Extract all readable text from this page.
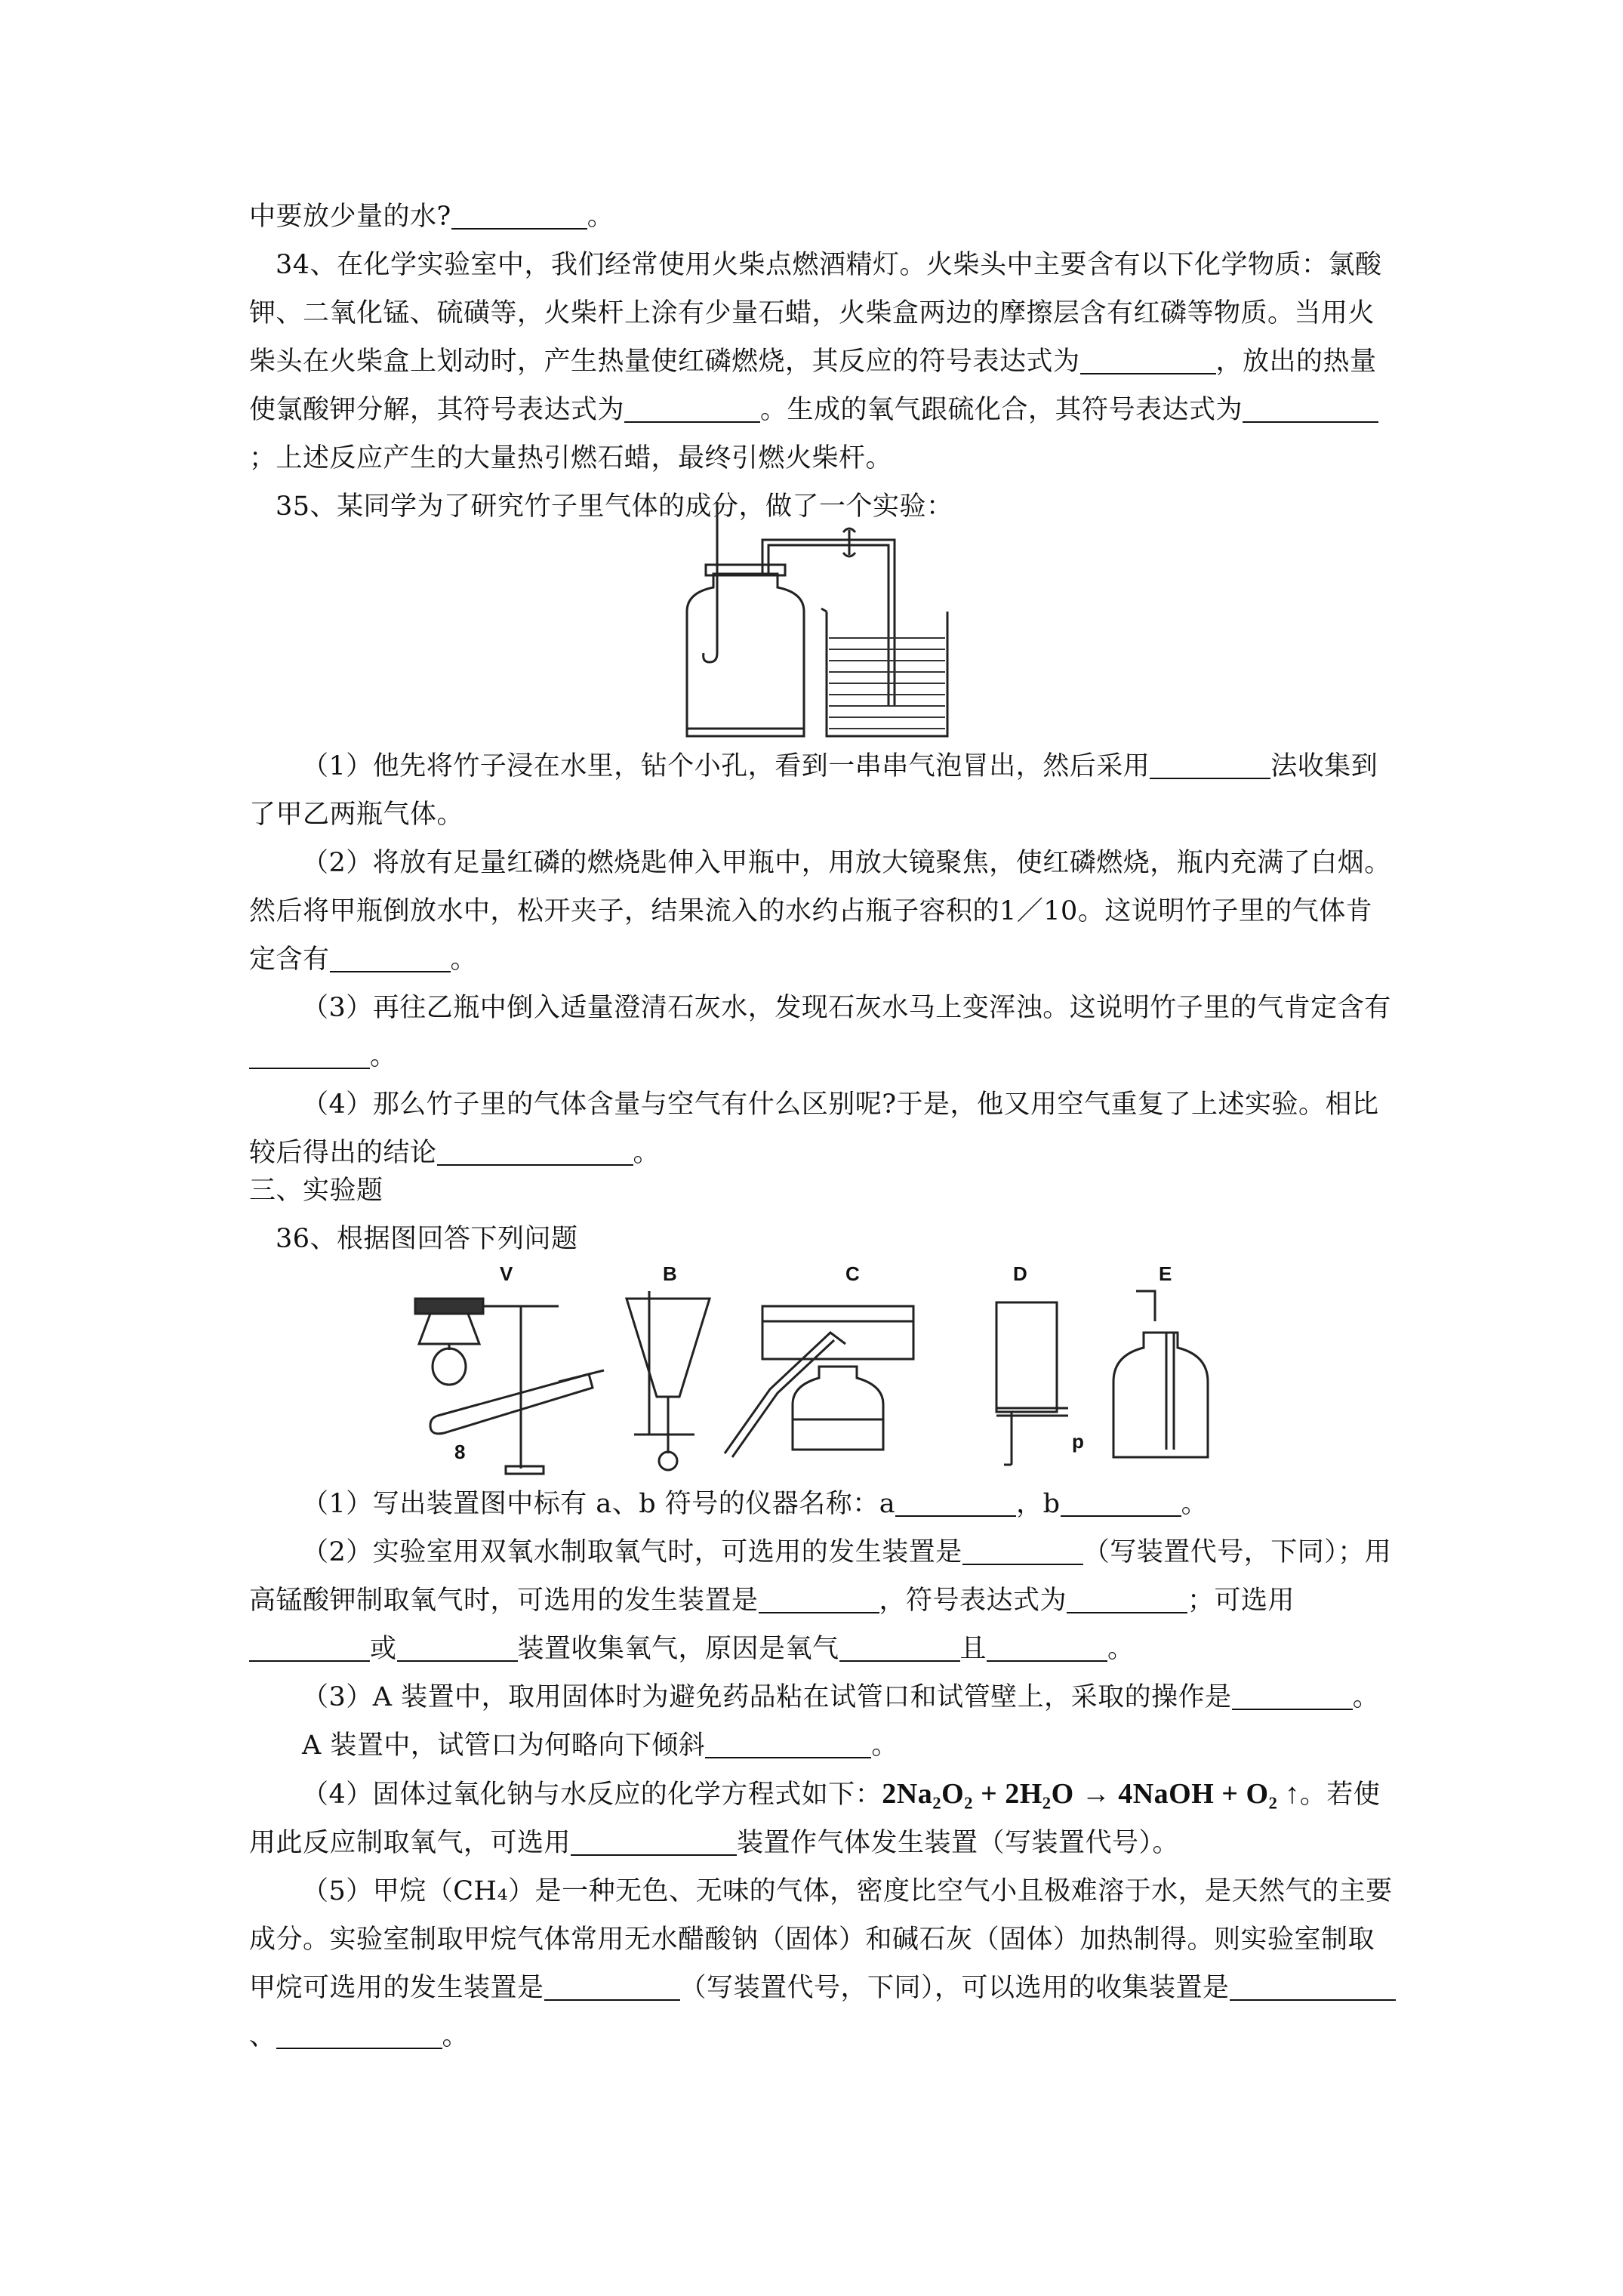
中要放少量的水?	。

34、在化学实验室中，我们经常使用火柴点燃酒精灯。火柴头中主要含有以下化学物质：氯酸钾、二氧化锰、硫磺等，火柴杆上涂有少量石蜡，火柴盒两边的摩擦层含有红磷等物质。当用火柴头在火柴盒上划动时，产生热量使红磷燃烧，其反应的符号表达式为	，放出的热量使氯酸钾分解，其符号表达式为	。生成的氧气跟硫化合，其符号表达式为；上述反应产生的大量热引燃石蜡，最终引燃火柴杆。

35、某同学为了研究竹子里气体的成分，做了一个实验：

（1）他先将竹子浸在水里，钻个小孔，看到一串串气泡冒出，然后采用	法收集到了甲乙两瓶气体。

（2）将放有足量红磷的燃烧匙伸入甲瓶中，用放大镜聚焦，使红磷燃烧，瓶内充满了白烟。然后将甲瓶倒放水中，松开夹子，结果流入的水约占瓶子容积的1／10。这说明竹子里的气体肯定含有	。

（3）再往乙瓶中倒入适量澄清石灰水，发现石灰水马上变浑浊。这说明竹子里的气肯定含有。

（4）那么竹子里的气体含量与空气有什么区别呢?于是，他又用空气重复了上述实验。相比较后得出的结论	。

三、实验题

36、根据图回答下列问题

V	B	C	D	E
8	p

（1）写出装置图中标有 a、b 符号的仪器名称：a	，b	。

（2）实验室用双氧水制取氧气时，可选用的发生装置是	（写装置代号，下同）；用高锰酸钾制取氧气时，可选用的发生装置是	，符号表达式为	；可选用或	装置收集氧气，原因是氧气	且	。

（3）A 装置中，取用固体时为避免药品粘在试管口和试管壁上，采取的操作是	。

A 装置中，试管口为何略向下倾斜	。

（4）固体过氧化钠与水反应的化学方程式如下：2Na₂O₂ + 2H₂O → 4NaOH + O₂ ↑。若使用此反应制取氧气，可选用	装置作气体发生装置（写装置代号）。

（5）甲烷（CH₄）是一种无色、无味的气体，密度比空气小且极难溶于水，是天然气的主要成分。实验室制取甲烷气体常用无水醋酸钠（固体）和碱石灰（固体）加热制得。则实验室制取甲烷可选用的发生装置是	（写装置代号，下同），可以选用的收集装置是、	。
